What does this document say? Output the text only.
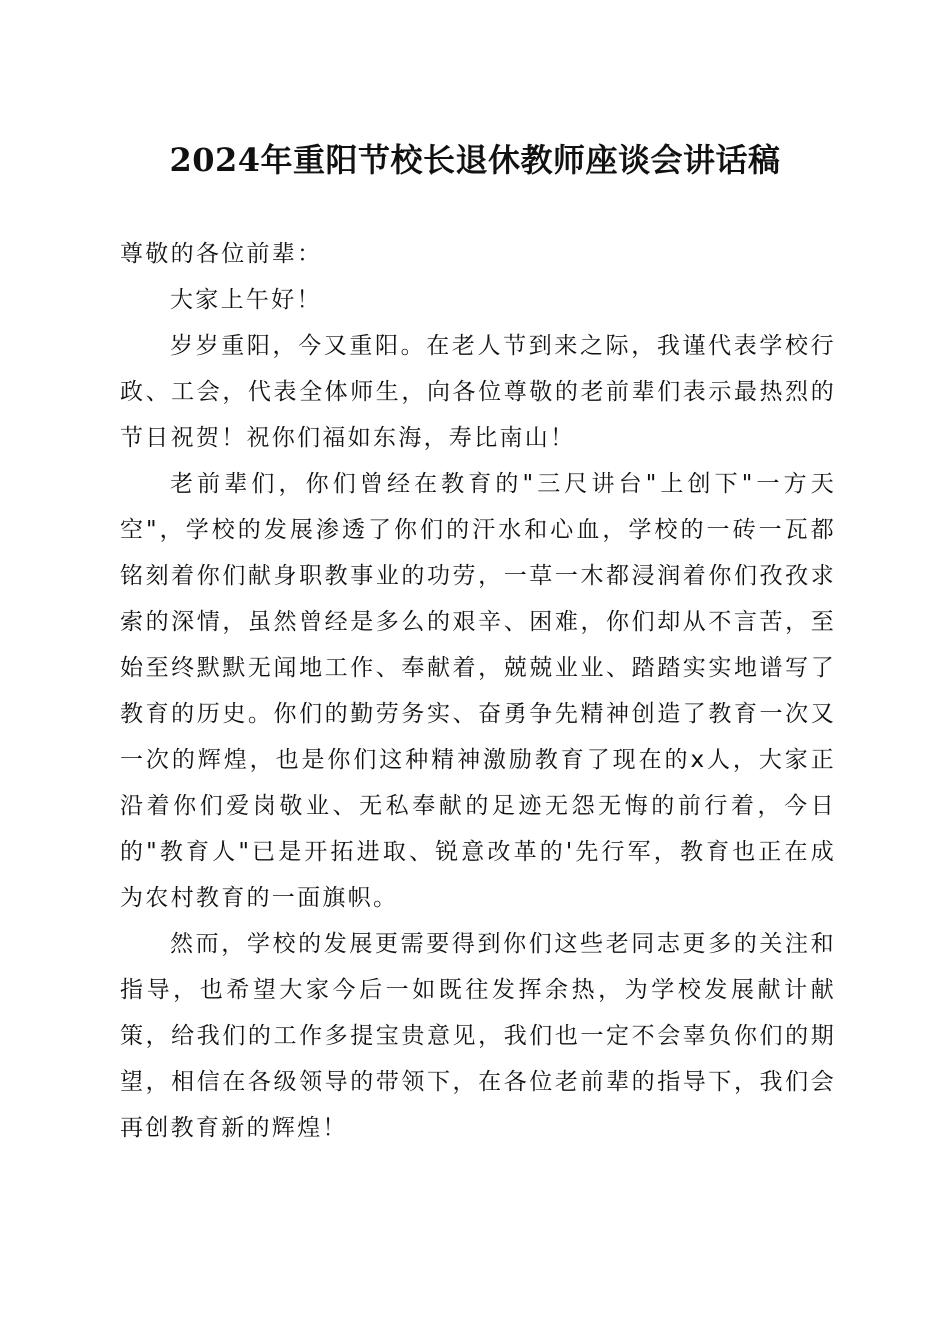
2024年重阳节校长退休教师座谈会讲话稿

尊敬的各位前辈：

大家上午好！

岁岁重阳，今又重阳。在老人节到来之际，我谨代表学校行政、工会，代表全体师生，向各位尊敬的老前辈们表示最热烈的节日祝贺！祝你们福如东海，寿比南山！

老前辈们，你们曾经在教育的"三尺讲台"上创下"一方天空"，学校的发展渗透了你们的汗水和心血，学校的一砖一瓦都铭刻着你们献身职教事业的功劳，一草一木都浸润着你们孜孜求索的深情，虽然曾经是多么的艰辛、困难，你们却从不言苦，至始至终默默无闻地工作、奉献着，兢兢业业、踏踏实实地谱写了教育的历史。你们的勤劳务实、奋勇争先精神创造了教育一次又一次的辉煌，也是你们这种精神激励教育了现在的x人，大家正沿着你们爱岗敬业、无私奉献的足迹无怨无悔的前行着，今日的"教育人"已是开拓进取、锐意改革的'先行军，教育也正在成为农村教育的一面旗帜。

然而，学校的发展更需要得到你们这些老同志更多的关注和指导，也希望大家今后一如既往发挥余热，为学校发展献计献策，给我们的工作多提宝贵意见，我们也一定不会辜负你们的期望，相信在各级领导的带领下，在各位老前辈的指导下，我们会再创教育新的辉煌！
